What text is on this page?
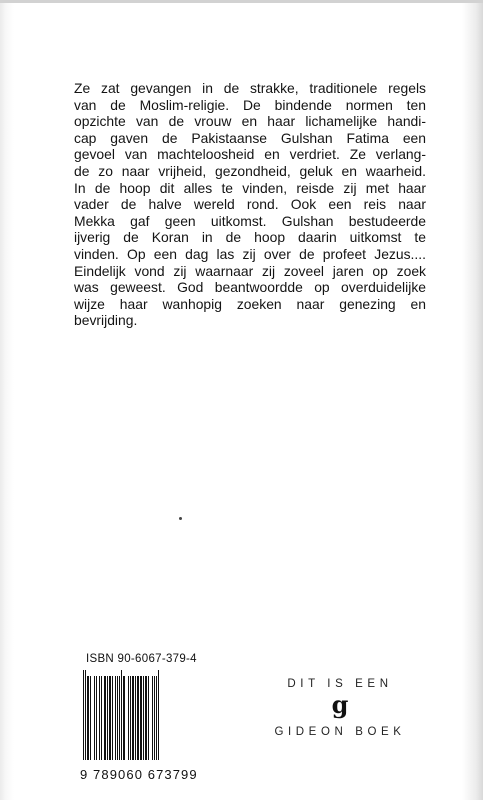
Ze zat gevangen in de strakke, traditionele regels

van de Moslim-religie. De bindende normen ten

opzichte van de vrouw en haar lichamelijke handi-

cap gaven de Pakistaanse Gulshan Fatima een

gevoel van machteloosheid en verdriet. Ze verlang-

de zo naar vrijheid, gezondheid, geluk en waarheid.

In de hoop dit alles te vinden, reisde zij met haar

vader de halve wereld rond. Ook een reis naar

Mekka gaf geen uitkomst. Gulshan bestudeerde

ijverig de Koran in de hoop daarin uitkomst te

vinden. Op een dag las zij over de profeet Jezus....

Eindelijk vond zij waarnaar zij zoveel jaren op zoek

was geweest. God beantwoordde op overduidelijke

wijze haar wanhopig zoeken naar genezing en

bevrijding.

ISBN 90-6067-379-4
9 789060 673799
DIT IS EEN
g
GIDEON BOEK
